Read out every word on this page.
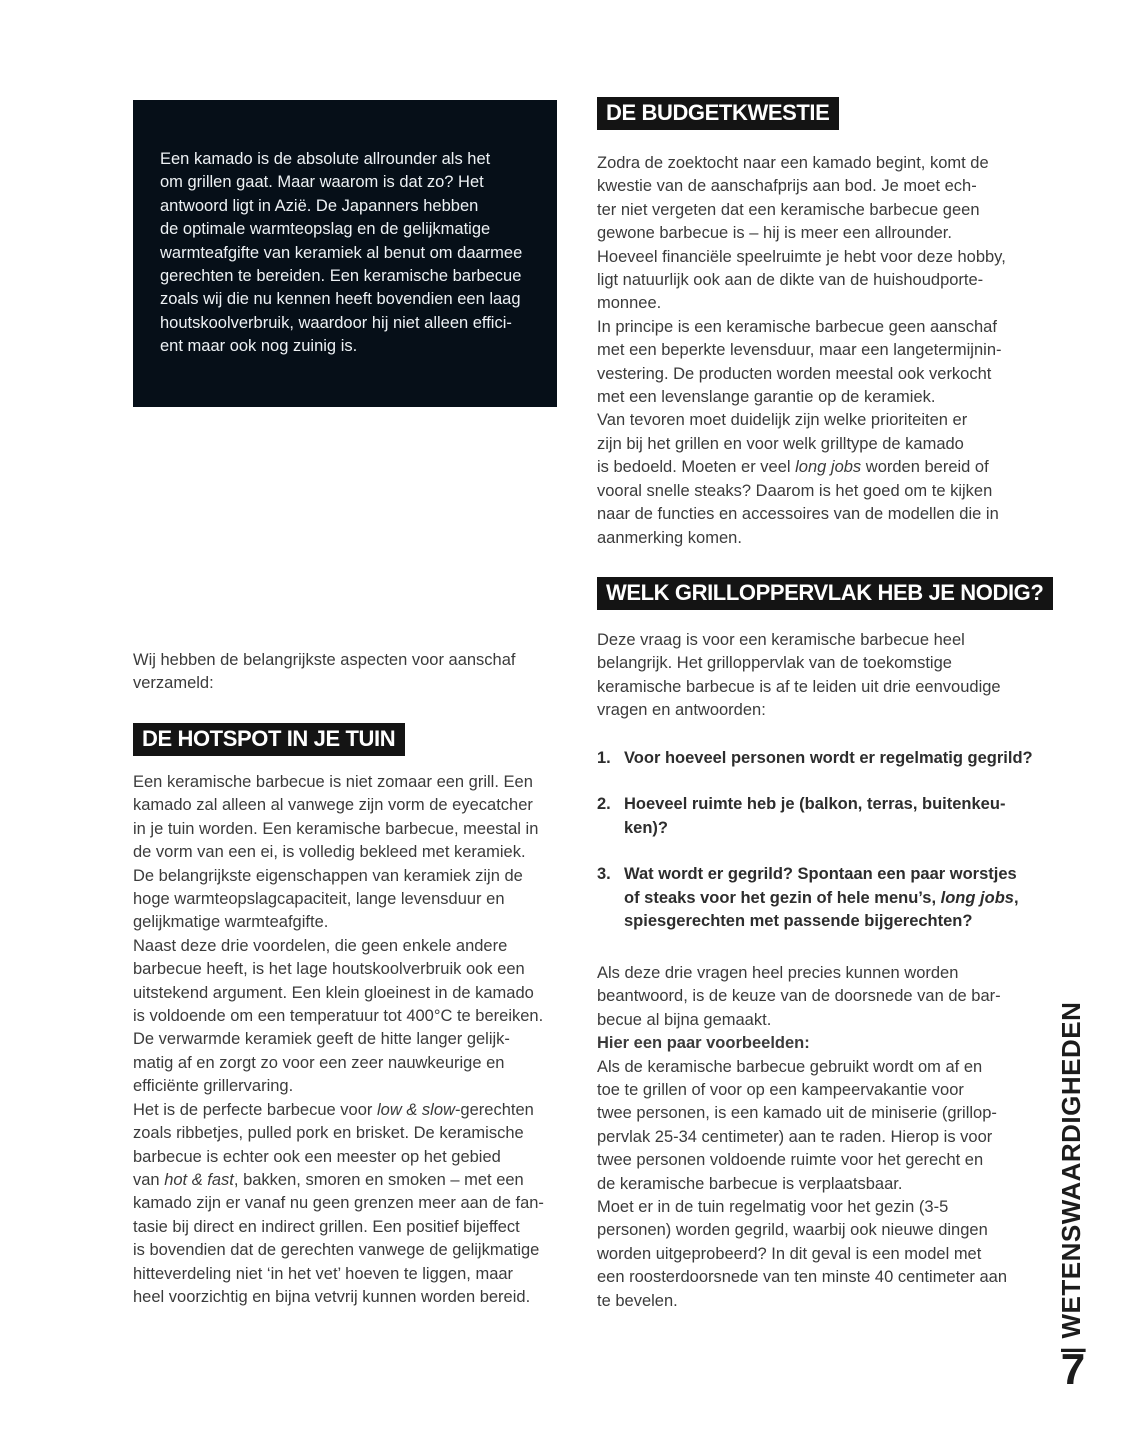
Een kamado is de absolute allrounder als het
om grillen gaat. Maar waarom is dat zo? Het
antwoord ligt in Azië. De Japanners hebben
de optimale warmteopslag en de gelijkmatige
warmteafgifte van keramiek al benut om daarmee
gerechten te bereiden. Een keramische barbecue
zoals wij die nu kennen heeft bovendien een laag
houtskoolverbruik, waardoor hij niet alleen effici-
ent maar ook nog zuinig is.
Wij hebben de belangrijkste aspecten voor aanschaf
verzameld:
DE HOTSPOT IN JE TUIN
Een keramische barbecue is niet zomaar een grill. Een
kamado zal alleen al vanwege zijn vorm de eyecatcher
in je tuin worden. Een keramische barbecue, meestal in
de vorm van een ei, is volledig bekleed met keramiek.
De belangrijkste eigenschappen van keramiek zijn de
hoge warmteopslagcapaciteit, lange levensduur en
gelijkmatige warmteafgifte.
Naast deze drie voordelen, die geen enkele andere
barbecue heeft, is het lage houtskoolverbruik ook een
uitstekend argument. Een klein gloeinest in de kamado
is voldoende om een temperatuur tot 400°C te bereiken.
De verwarmde keramiek geeft de hitte langer gelijk-
matig af en zorgt zo voor een zeer nauwkeurige en
efficiënte grillervaring.
Het is de perfecte barbecue voor low & slow-gerechten
zoals ribbetjes, pulled pork en brisket. De keramische
barbecue is echter ook een meester op het gebied
van hot & fast, bakken, smoren en smoken – met een
kamado zijn er vanaf nu geen grenzen meer aan de fan-
tasie bij direct en indirect grillen. Een positief bijeffect
is bovendien dat de gerechten vanwege de gelijkmatige
hitteverdeling niet ‘in het vet’ hoeven te liggen, maar
heel voorzichtig en bijna vetvrij kunnen worden bereid.
DE BUDGETKWESTIE
Zodra de zoektocht naar een kamado begint, komt de
kwestie van de aanschafprijs aan bod. Je moet ech-
ter niet vergeten dat een keramische barbecue geen
gewone barbecue is – hij is meer een allrounder.
Hoeveel financiële speelruimte je hebt voor deze hobby,
ligt natuurlijk ook aan de dikte van de huishoudporte-
monnee.
In principe is een keramische barbecue geen aanschaf
met een beperkte levensduur, maar een langetermijnin-
vestering. De producten worden meestal ook verkocht
met een levenslange garantie op de keramiek.
Van tevoren moet duidelijk zijn welke prioriteiten er
zijn bij het grillen en voor welk grilltype de kamado
is bedoeld. Moeten er veel long jobs worden bereid of
vooral snelle steaks? Daarom is het goed om te kijken
naar de functies en accessoires van de modellen die in
aanmerking komen.
WELK GRILLOPPERVLAK HEB JE NODIG?
Deze vraag is voor een keramische barbecue heel
belangrijk. Het grilloppervlak van de toekomstige
keramische barbecue is af te leiden uit drie eenvoudige
vragen en antwoorden:
1. Voor hoeveel personen wordt er regelmatig gegrild?
2. Hoeveel ruimte heb je (balkon, terras, buitenkeu-
ken)?
3. Wat wordt er gegrild? Spontaan een paar worstjes
of steaks voor het gezin of hele menu’s, long jobs,
spiesgerechten met passende bijgerechten?
Als deze drie vragen heel precies kunnen worden
beantwoord, is de keuze van de doorsnede van de bar-
becue al bijna gemaakt.
Hier een paar voorbeelden:
Als de keramische barbecue gebruikt wordt om af en
toe te grillen of voor op een kampeervakantie voor
twee personen, is een kamado uit de miniserie (grillop-
pervlak 25-34 centimeter) aan te raden. Hierop is voor
twee personen voldoende ruimte voor het gerecht en
de keramische barbecue is verplaatsbaar.
Moet er in de tuin regelmatig voor het gezin (3-5
personen) worden gegrild, waarbij ook nieuwe dingen
worden uitgeprobeerd? In dit geval is een model met
een roosterdoorsnede van ten minste 40 centimeter aan
te bevelen.	| WETENSWAARDIGHEDEN
7
